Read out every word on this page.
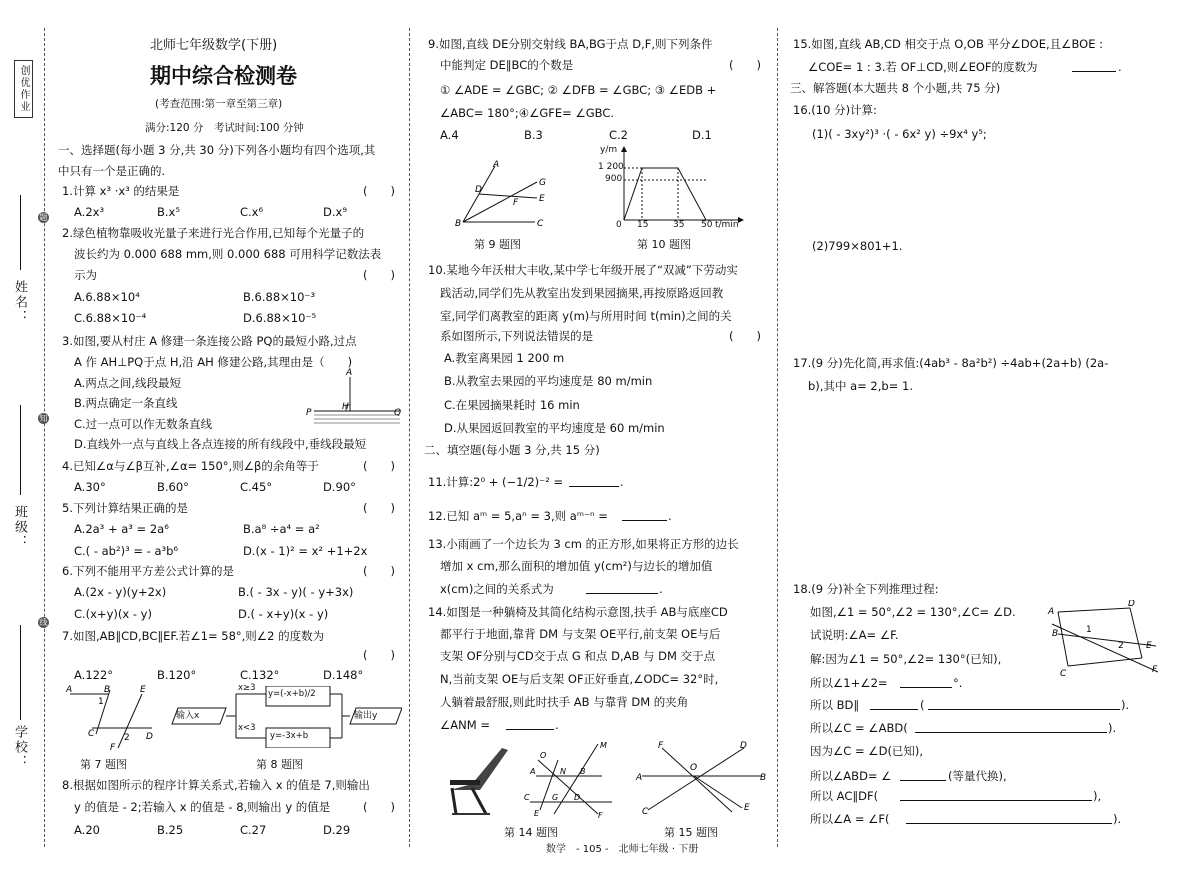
创优作业
姓名：
班级：
学校：
题
知
线
北师七年级数学(下册)
期中综合检测卷
(考查范围:第一章至第三章)
满分:120 分　考试时间:100 分钟
一、选择题(每小题 3 分,共 30 分)下列各小题均有四个选项,其
中只有一个是正确的.
1.计算 x³ ·x³ 的结果是	(　　)
A.2x³	B.x⁵	C.x⁶	D.x⁹
2.绿色植物靠吸收光量子来进行光合作用,已知每个光量子的
波长约为 0.000 688 mm,则 0.000 688 可用科学记数法表
示为	(　　)
A.6.88×10⁴	B.6.88×10⁻³
C.6.88×10⁻⁴	D.6.88×10⁻⁵
3.如图,要从村庄 A 修建一条连接公路 PQ的最短小路,过点
A 作 AH⊥PQ于点 H,沿 AH 修建公路,其理由是（　　)
A.两点之间,线段最短
B.两点确定一条直线
C.过一点可以作无数条直线
D.直线外一点与直线上各点连接的所有线段中,垂线段最短
A
H
P	Q
4.已知∠α与∠β互补,∠α= 150°,则∠β的余角等于	(　　)
A.30°	B.60°	C.45°	D.90°
5.下列计算结果正确的是	(　　)
A.2a³ + a³ = 2a⁶	B.a⁸ ÷a⁴ = a²
C.( - ab²)³ = - a³b⁶	D.(x - 1)² = x² +1+2x
6.下列不能用平方差公式计算的是	(　　)
A.(2x - y)(y+2x)	B.( - 3x - y)( - y+3x)
C.(x+y)(x - y)	D.( - x+y)(x - y)
7.如图,AB∥CD,BC∥EF.若∠1= 58°,则∠2 的度数为
(　　)
A.122°	B.120°	C.132°	D.148°
A	B	E
1
2
C	D
F
输入x	输出y
x≥3
x<3
y=(-x+b)/2
y=-3x+b
第 7 题图	第 8 题图
8.根据如图所示的程序计算关系式,若输入 x 的值是 7,则输出
y 的值是 - 2;若输入 x 的值是 - 8,则输出 y 的值是	(　　)
A.20	B.25	C.27	D.29
9.如图,直线 DE分别交射线 BA,BG于点 D,F,则下列条件
中能判定 DE∥BC的个数是	(　　)
① ∠ADE = ∠GBC; ② ∠DFB = ∠GBC; ③ ∠EDB +
∠ABC= 180°;④∠GFE= ∠GBC.
A.4	B.3	C.2	D.1
A
D
G
E
F
B	C
y/m
1 200
900
0 15	35 50 t/min
第 9 题图	第 10 题图
10.某地今年沃柑大丰收,某中学七年级开展了“双减”下劳动实
践活动,同学们先从教室出发到果园摘果,再按原路返回教
室,同学们离教室的距离 y(m)与所用时间 t(min)之间的关
系如图所示,下列说法错误的是	(　　)
A.教室离果园 1 200 m
B.从教室去果园的平均速度是 80 m/min
C.在果园摘果耗时 16 min
D.从果园返回教室的平均速度是 60 m/min
二、填空题(每小题 3 分,共 15 分)
11.计算:2⁰ + (−1/2)⁻² =	.
12.已知 aᵐ = 5,aⁿ = 3,则 aᵐ⁻ⁿ =	.
13.小雨画了一个边长为 3 cm 的正方形,如果将正方形的边长
增加 x cm,那么面积的增加值 y(cm²)与边长的增加值
x(cm)之间的关系式为	.
14.如图是一种躺椅及其简化结构示意图,扶手 AB与底座CD
都平行于地面,靠背 DM 与支架 OE平行,前支架 OE与后
支架 OF分别与CD交于点 G 和点 D,AB 与 DM 交于点
N,当前支架 OE与后支架 OF正好垂直,∠ODC= 32°时,
人躺着最舒服,则此时扶手 AB 与靠背 DM 的夹角
∠ANM =	.
A
O
N B
M
C	G D
E	F
A	B
O
D
C
F
E
第 14 题图	第 15 题图
15.如图,直线 AB,CD 相交于点 O,OB 平分∠DOE,且∠BOE :
∠COE= 1 : 3.若 OF⊥CD,则∠EOF的度数为	.
三、解答题(本大题共 8 个小题,共 75 分)
16.(10 分)计算:
(1)( - 3xy²)³ ·( - 6x² y) ÷9x⁴ y⁵;
(2)799×801+1.
17.(9 分)先化简,再求值:(4ab³ - 8a²b²) ÷4ab+(2a+b) (2a-
b),其中 a= 2,b= 1.
18.(9 分)补全下列推理过程:
如图,∠1 = 50°,∠2 = 130°,∠C= ∠D.
试说明:∠A= ∠F.
解:因为∠1 = 50°,∠2= 130°(已知),
所以∠1+∠2=	°.
所以 BD∥	(	).
所以∠C = ∠ABD(	).
因为∠C = ∠D(已知),
所以∠ABD= ∠	(等量代换),
所以 AC∥DF(	),
所以∠A = ∠F(	).
A
D
B	1
2 E
C	F
数学　- 105 -　北师七年级 · 下册
